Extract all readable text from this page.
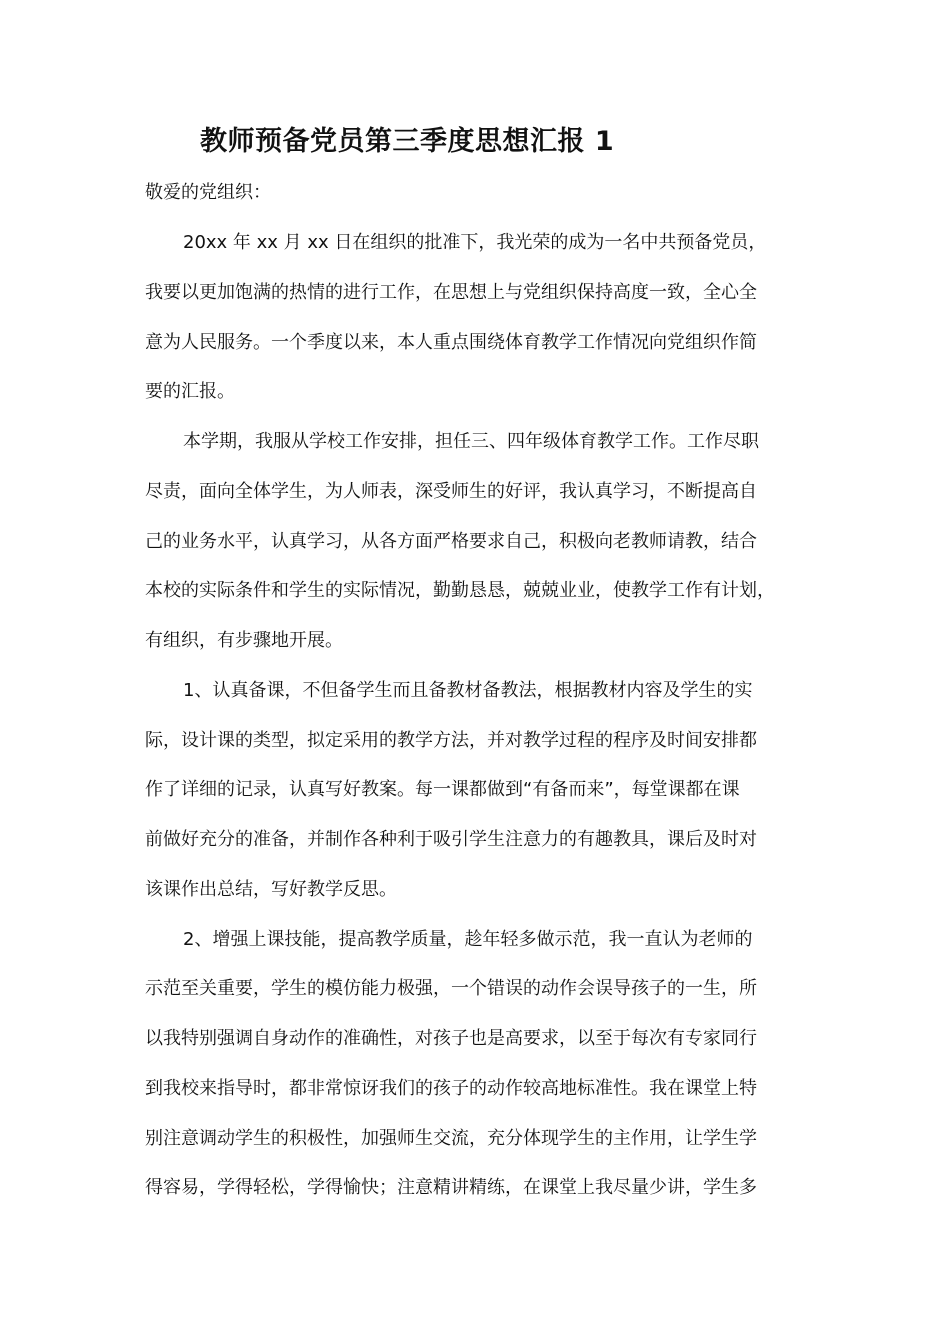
教师预备党员第三季度思想汇报 1

敬爱的党组织：

20xx 年 xx 月 xx 日在组织的批准下，我光荣的成为一名中共预备党员，

我要以更加饱满的热情的进行工作，在思想上与党组织保持高度一致，全心全

意为人民服务。一个季度以来，本人重点围绕体育教学工作情况向党组织作简

要的汇报。

本学期，我服从学校工作安排，担任三、四年级体育教学工作。工作尽职

尽责，面向全体学生，为人师表，深受师生的好评，我认真学习，不断提高自

己的业务水平，认真学习，从各方面严格要求自己，积极向老教师请教，结合

本校的实际条件和学生的实际情况，勤勤恳恳，兢兢业业，使教学工作有计划，

有组织，有步骤地开展。

1、认真备课，不但备学生而且备教材备教法，根据教材内容及学生的实

际，设计课的类型，拟定采用的教学方法，并对教学过程的程序及时间安排都

作了详细的记录，认真写好教案。每一课都做到“有备而来”，每堂课都在课

前做好充分的准备，并制作各种利于吸引学生注意力的有趣教具，课后及时对

该课作出总结，写好教学反思。

2、增强上课技能，提高教学质量，趁年轻多做示范，我一直认为老师的

示范至关重要，学生的模仿能力极强，一个错误的动作会误导孩子的一生，所

以我特别强调自身动作的准确性，对孩子也是高要求，以至于每次有专家同行

到我校来指导时，都非常惊讶我们的孩子的动作较高地标准性。我在课堂上特

别注意调动学生的积极性，加强师生交流，充分体现学生的主作用，让学生学

得容易，学得轻松，学得愉快；注意精讲精练，在课堂上我尽量少讲，学生多
